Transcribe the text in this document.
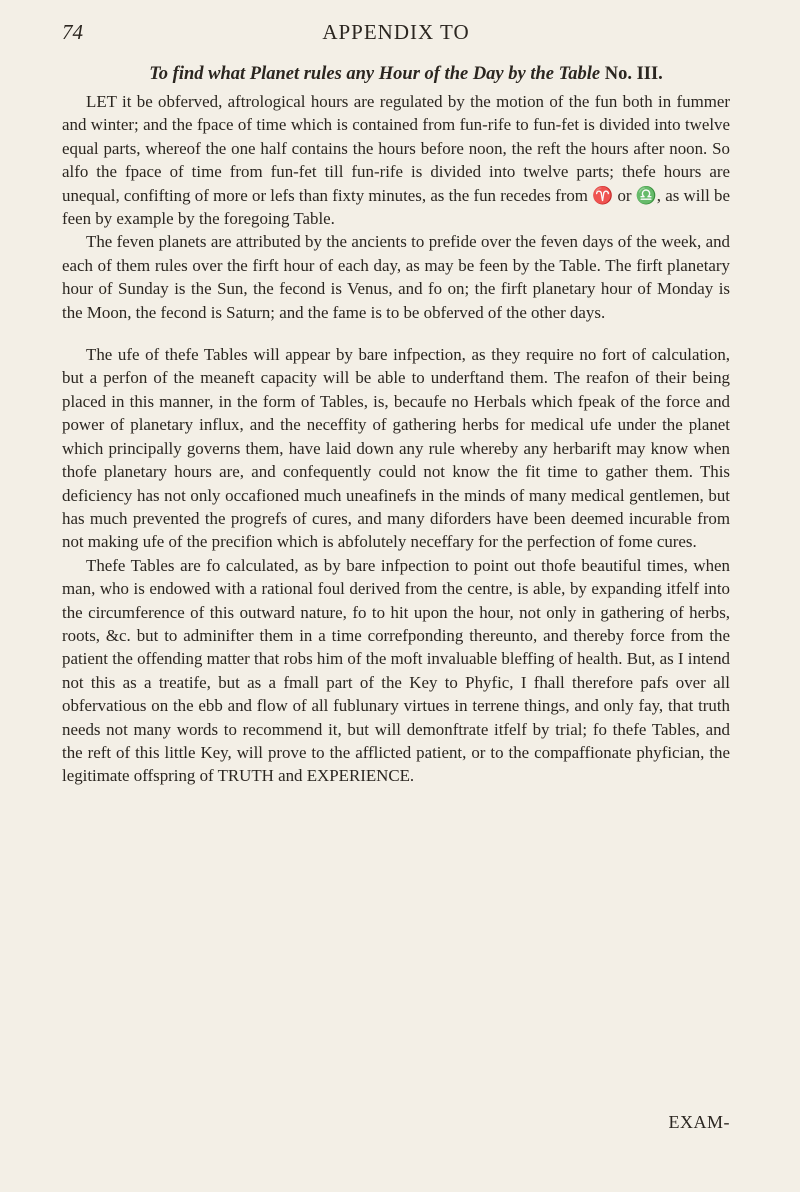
74	APPENDIX TO
To find what Planet rules any Hour of the Day by the Table No. III.

LET it be obferved, aftrological hours are regulated by the motion of the fun both in fummer and winter; and the fpace of time which is contained from fun-rife to fun-fet is divided into twelve equal parts, whereof the one half contains the hours before noon, the reft the hours after noon. So alfo the fpace of time from fun-fet till fun-rife is divided into twelve parts; thefe hours are unequal, confifting of more or lefs than fixty minutes, as the fun recedes from ♈ or ♎, as will be feen by example by the foregoing Table.

The feven planets are attributed by the ancients to prefide over the feven days of the week, and each of them rules over the firft hour of each day, as may be feen by the Table. The firft planetary hour of Sunday is the Sun, the fecond is Venus, and fo on; the firft planetary hour of Monday is the Moon, the fecond is Saturn; and the fame is to be obferved of the other days.

The ufe of thefe Tables will appear by bare infpection, as they require no fort of calculation, but a perfon of the meaneft capacity will be able to underftand them. The reafon of their being placed in this manner, in the form of Tables, is, becaufe no Herbals which fpeak of the force and power of planetary influx, and the neceffity of gathering herbs for medical ufe under the planet which principally governs them, have laid down any rule whereby any herbarift may know when thofe planetary hours are, and confequently could not know the fit time to gather them. This deficiency has not only occafioned much uneafinefs in the minds of many medical gentlemen, but has much prevented the progrefs of cures, and many diforders have been deemed incurable from not making ufe of the precifion which is abfolutely neceffary for the perfection of fome cures.

Thefe Tables are fo calculated, as by bare infpection to point out thofe beautiful times, when man, who is endowed with a rational foul derived from the centre, is able, by expanding itfelf into the circumference of this outward nature, fo to hit upon the hour, not only in gathering of herbs, roots, &c. but to adminifter them in a time correfponding thereunto, and thereby force from the patient the offending matter that robs him of the moft invaluable bleffing of health. But, as I intend not this as a treatife, but as a fmall part of the Key to Phyfic, I fhall therefore pafs over all obfervatious on the ebb and flow of all fublunary virtues in terrene things, and only fay, that truth needs not many words to recommend it, but will demonftrate itfelf by trial; fo thefe Tables, and the reft of this little Key, will prove to the afflicted patient, or to the compaffionate phyfician, the legitimate offspring of TRUTH and EXPERIENCE.

EXAM-
